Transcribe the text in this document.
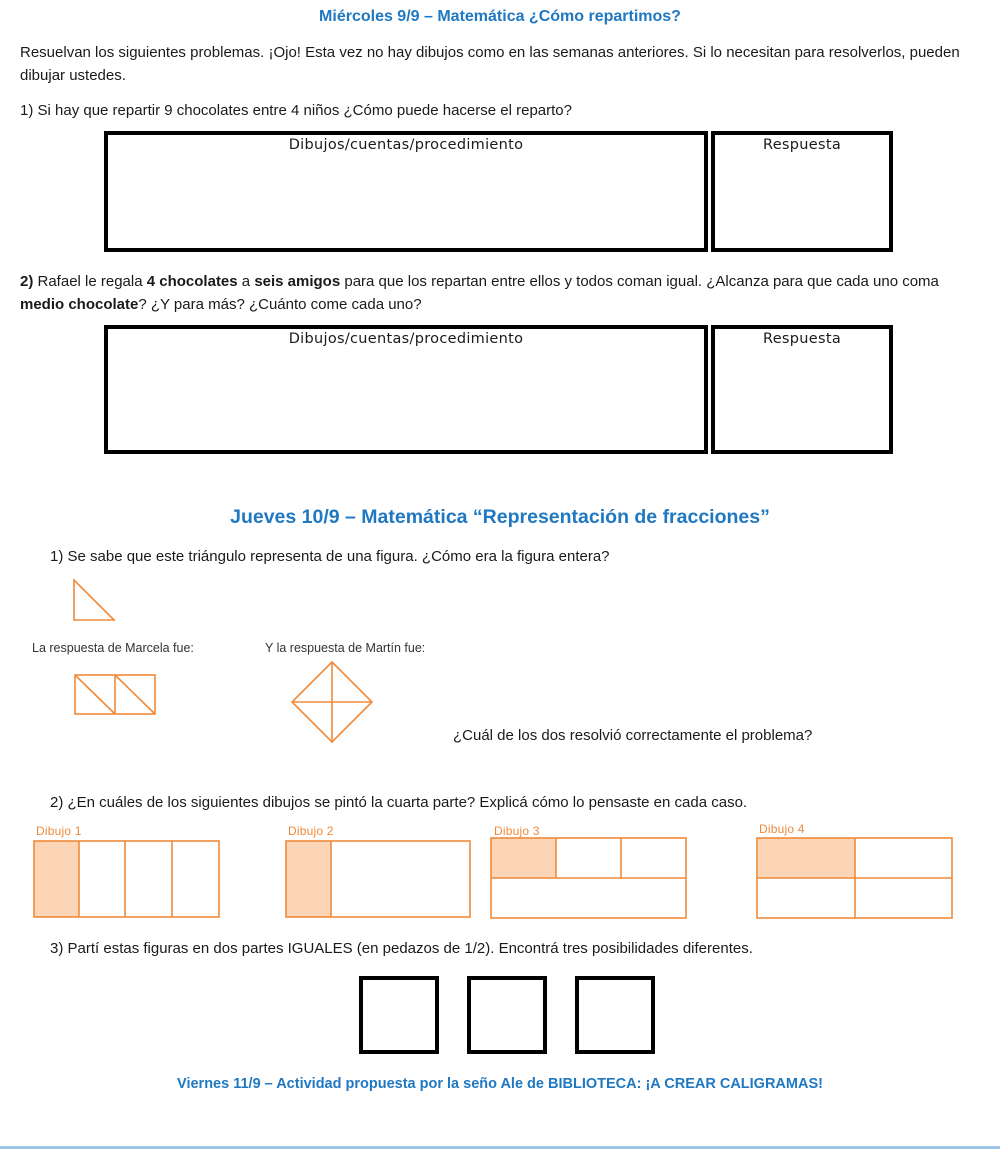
Miércoles 9/9 – Matemática ¿Cómo repartimos?
Resuelvan los siguientes problemas. ¡Ojo! Esta vez no hay dibujos como en las semanas anteriores. Si lo necesitan para resolverlos, pueden dibujar ustedes.
1) Si hay que repartir 9 chocolates entre 4 niños ¿Cómo puede hacerse el reparto?
Dibujos/cuentas/procedimiento	Respuesta
2) Rafael le regala 4 chocolates a seis amigos para que los repartan entre ellos y todos coman igual. ¿Alcanza para que cada uno coma medio chocolate? ¿Y para más? ¿Cuánto come cada uno?
Dibujos/cuentas/procedimiento	Respuesta
Jueves 10/9 – Matemática “Representación de fracciones”
1) Se sabe que este triángulo representa de una figura. ¿Cómo era la figura entera?
La respuesta de Marcela fue:	Y la respuesta de Martín fue:
¿Cuál de los dos resolvió correctamente el problema?
2) ¿En cuáles de los siguientes dibujos se pintó la cuarta parte? Explicá cómo lo pensaste en cada caso.
Dibujo 1	Dibujo 2	Dibujo 3	Dibujo 4
3) Partí estas figuras en dos partes IGUALES (en pedazos de 1/2). Encontrá tres posibilidades diferentes.
Viernes 11/9 – Actividad propuesta por la seño Ale de BIBLIOTECA: ¡A CREAR CALIGRAMAS!
